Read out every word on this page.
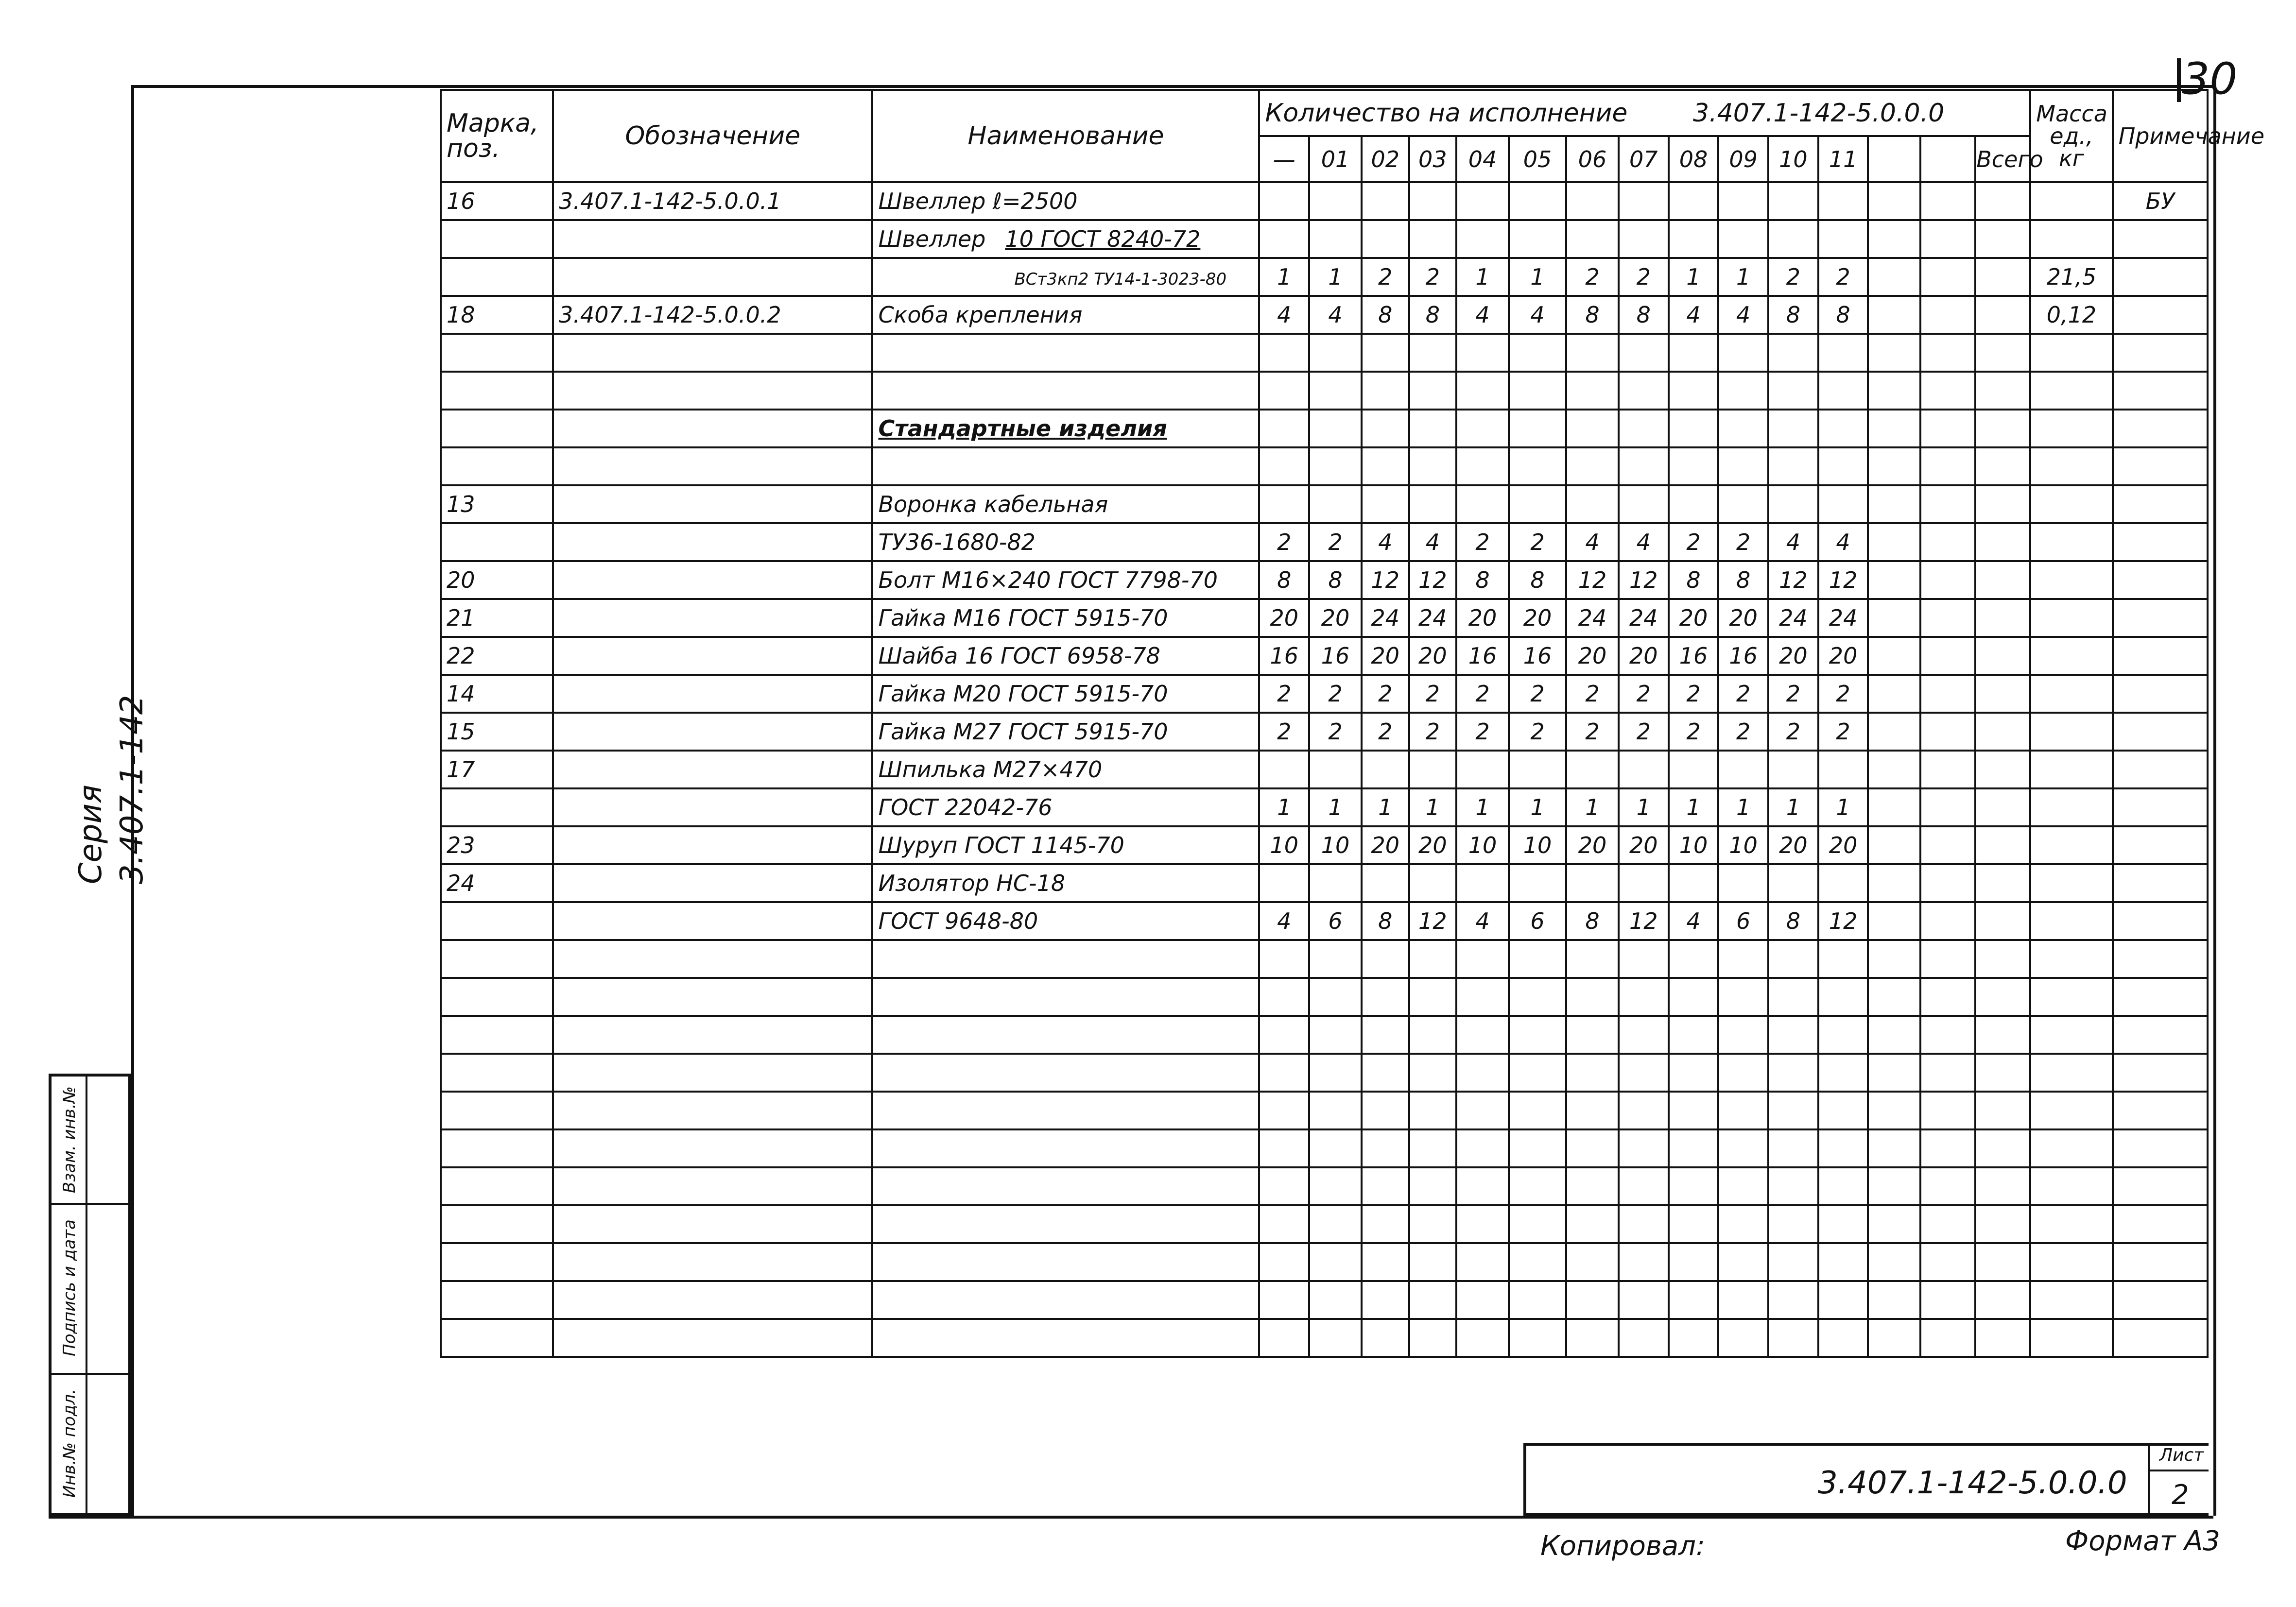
30
Серия 3.407.1-142
Инв.№ подл.
Подпись и дата
Взам. инв.№
Марка, поз.	Обозначение	Наименование	Количество на исполнение 3.407.1-142-5.0.0.0															Масса ед., кг	Примечание
			—	01	02	03	04	05	06	07	08	09	10	11			Всего		
16	3.407.1-142-5.0.0.1	Швеллер ℓ=2500																	БУ
		Швеллер 10 ГОСТ 8240-72																	
		ВСт3кп2 ТУ14-1-3023-80	1	1	2	2	1	1	2	2	1	1	2	2				21,5	
18	3.407.1-142-5.0.0.2	Скоба крепления	4	4	8	8	4	4	8	8	4	4	8	8				0,12	

		Стандартные изделия																	

13		Воронка кабельная																	
		ТУ36-1680-82	2	2	4	4	2	2	4	4	2	2	4	4					
20		Болт М16×240 ГОСТ 7798-70	8	8	12	12	8	8	12	12	8	8	12	12					
21		Гайка М16 ГОСТ 5915-70	20	20	24	24	20	20	24	24	20	20	24	24					
22		Шайба 16 ГОСТ 6958-78	16	16	20	20	16	16	20	20	16	16	20	20					
14		Гайка М20 ГОСТ 5915-70	2	2	2	2	2	2	2	2	2	2	2	2					
15		Гайка М27 ГОСТ 5915-70	2	2	2	2	2	2	2	2	2	2	2	2					
17		Шпилька М27×470																	
		ГОСТ 22042-76	1	1	1	1	1	1	1	1	1	1	1	1					
23		Шуруп ГОСТ 1145-70	10	10	20	20	10	10	20	20	10	10	20	20					
24		Изолятор НС-18																	
		ГОСТ 9648-80	4	6	8	12	4	6	8	12	4	6	8	12					

3.407.1-142-5.0.0.0
Лист
2
Копировал:	Формат А3
